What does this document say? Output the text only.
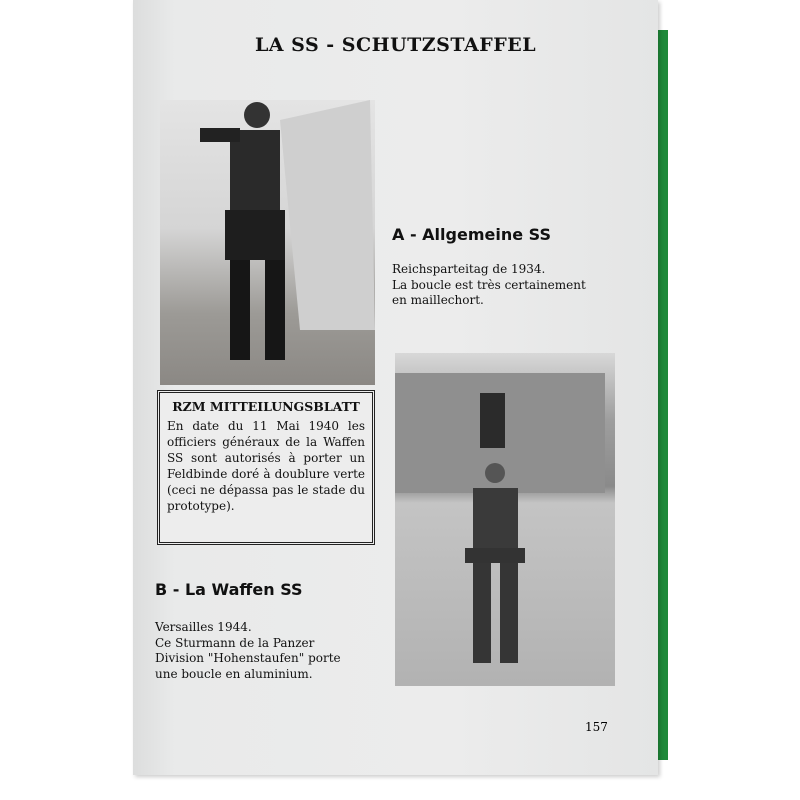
LA SS - SCHUTZSTAFFEL
RZM MITTEILUNGSBLATT

En date du 11 Mai 1940 les officiers généraux de la Waffen SS sont autorisés à porter un Feldbinde doré à doublure verte (ceci ne dépassa pas le stade du prototype).

A - Allgemeine SS
Reichsparteitag de 1934.
La boucle est très certainement
en maillechort.
B - La Waffen SS
Versailles 1944.
Ce Sturmann de la Panzer
Division "Hohenstaufen" porte
une boucle en aluminium.
157
